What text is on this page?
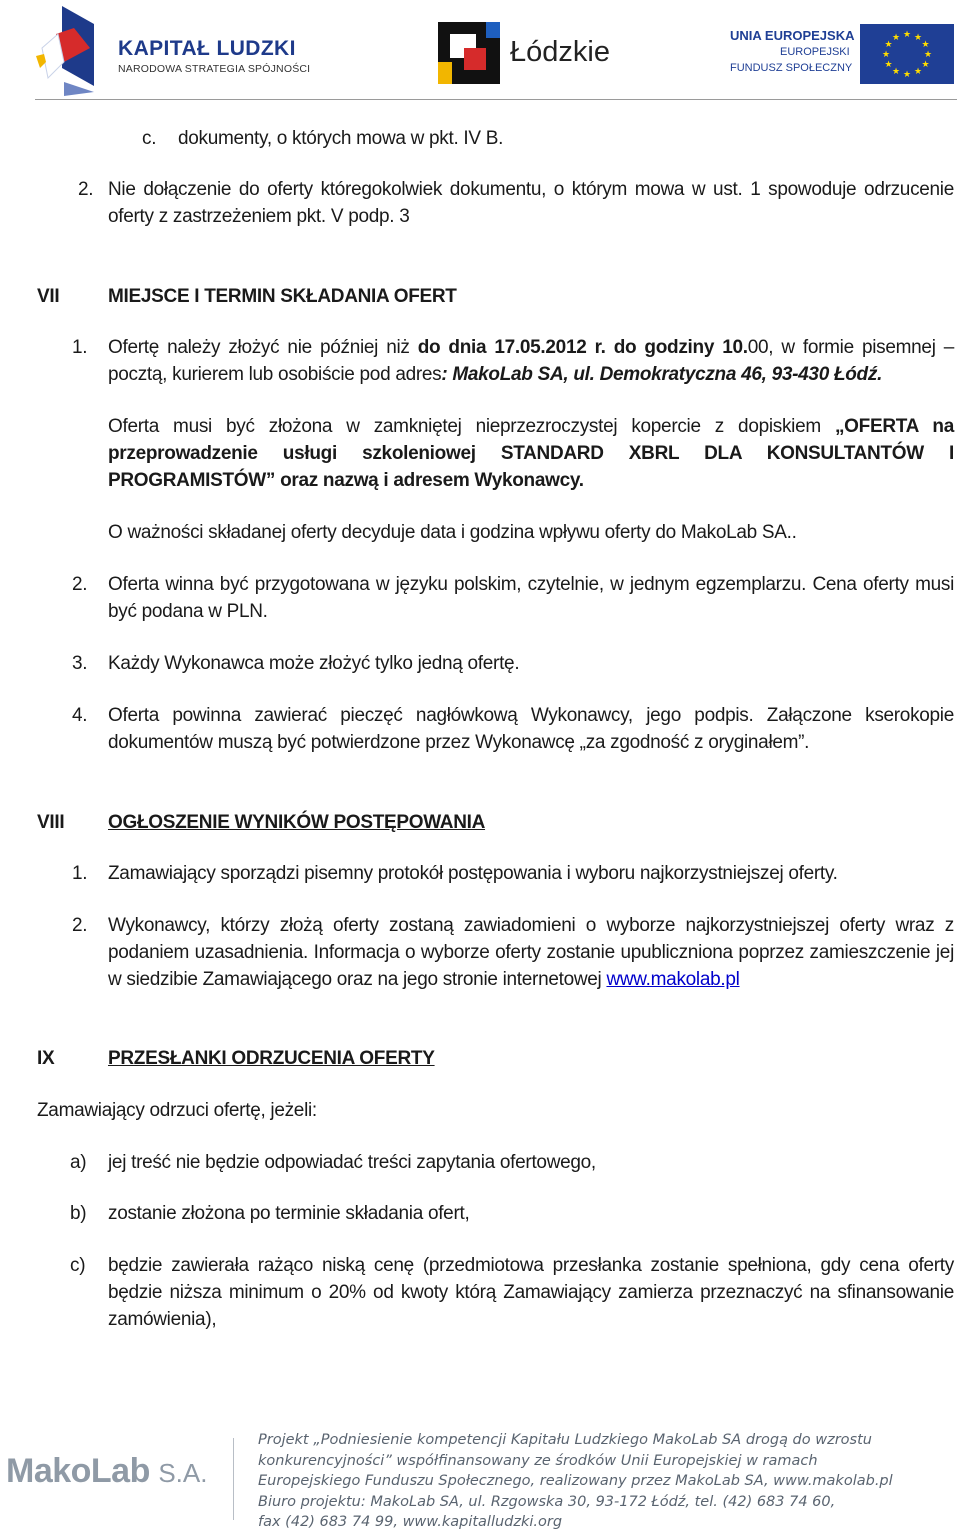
KAPITAŁ LUDZKI
NARODOWA STRATEGIA SPÓJNOŚCI
Łódzkie
UNIA EUROPEJSKA
EUROPEJSKI
FUNDUSZ SPOŁECZNY
★ ★
★
★
★
★
★
★
★
★
★
★
c. dokumenty, o których mowa w pkt. IV B.
2. Nie dołączenie do oferty któregokolwiek dokumentu, o którym mowa w ust. 1 spowoduje odrzucenie oferty z zastrzeżeniem pkt. V podp. 3
VII	MIEJSCE I TERMIN SKŁADANIA OFERT
1. Ofertę należy złożyć nie później niż do dnia 17.05.2012 r. do godziny 10.00, w formie pisemnej – pocztą, kurierem lub osobiście pod adres: MakoLab SA, ul. Demokratyczna 46, 93-430 Łódź.
Oferta musi być złożona w zamkniętej nieprzezroczystej kopercie z dopiskiem „OFERTA na przeprowadzenie usługi szkoleniowej STANDARD XBRL DLA KONSULTANTÓW I PROGRAMISTÓW” oraz nazwą i adresem Wykonawcy.
O ważności składanej oferty decyduje data i godzina wpływu oferty do MakoLab SA..
2. Oferta winna być przygotowana w języku polskim, czytelnie, w jednym egzemplarzu. Cena oferty musi być podana w PLN.
3. Każdy Wykonawca może złożyć tylko jedną ofertę.
4. Oferta powinna zawierać pieczęć nagłówkową Wykonawcy, jego podpis. Załączone kserokopie dokumentów muszą być potwierdzone przez Wykonawcę „za zgodność z oryginałem”.
VIII OGŁOSZENIE WYNIKÓW POSTĘPOWANIA
1. Zamawiający sporządzi pisemny protokół postępowania i wyboru najkorzystniejszej oferty.
2. Wykonawcy, którzy złożą oferty zostaną zawiadomieni o wyborze najkorzystniejszej oferty wraz z podaniem uzasadnienia. Informacja o wyborze oferty zostanie upubliczniona poprzez zamieszczenie jej w siedzibie Zamawiającego oraz na jego stronie internetowej www.makolab.pl
IX	PRZESŁANKI ODRZUCENIA OFERTY
Zamawiający odrzuci ofertę, jeżeli:
a) jej treść nie będzie odpowiadać treści zapytania ofertowego,
b) zostanie złożona po terminie składania ofert,
c) będzie zawierała rażąco niską cenę (przedmiotowa przesłanka zostanie spełniona, gdy cena oferty będzie niższa minimum o 20% od kwoty którą Zamawiający zamierza przeznaczyć na sfinansowanie zamówienia),
MakoLab S.A.
Projekt „Podniesienie kompetencji Kapitału Ludzkiego MakoLab SA drogą do wzrostu
konkurencyjności” współfinansowany ze środków Unii Europejskiej w ramach
Europejskiego Funduszu Społecznego, realizowany przez MakoLab SA, www.makolab.pl
Biuro projektu: MakoLab SA, ul. Rzgowska 30, 93-172 Łódź, tel. (42) 683 74 60,
fax (42) 683 74 99, www.kapitalludzki.org
